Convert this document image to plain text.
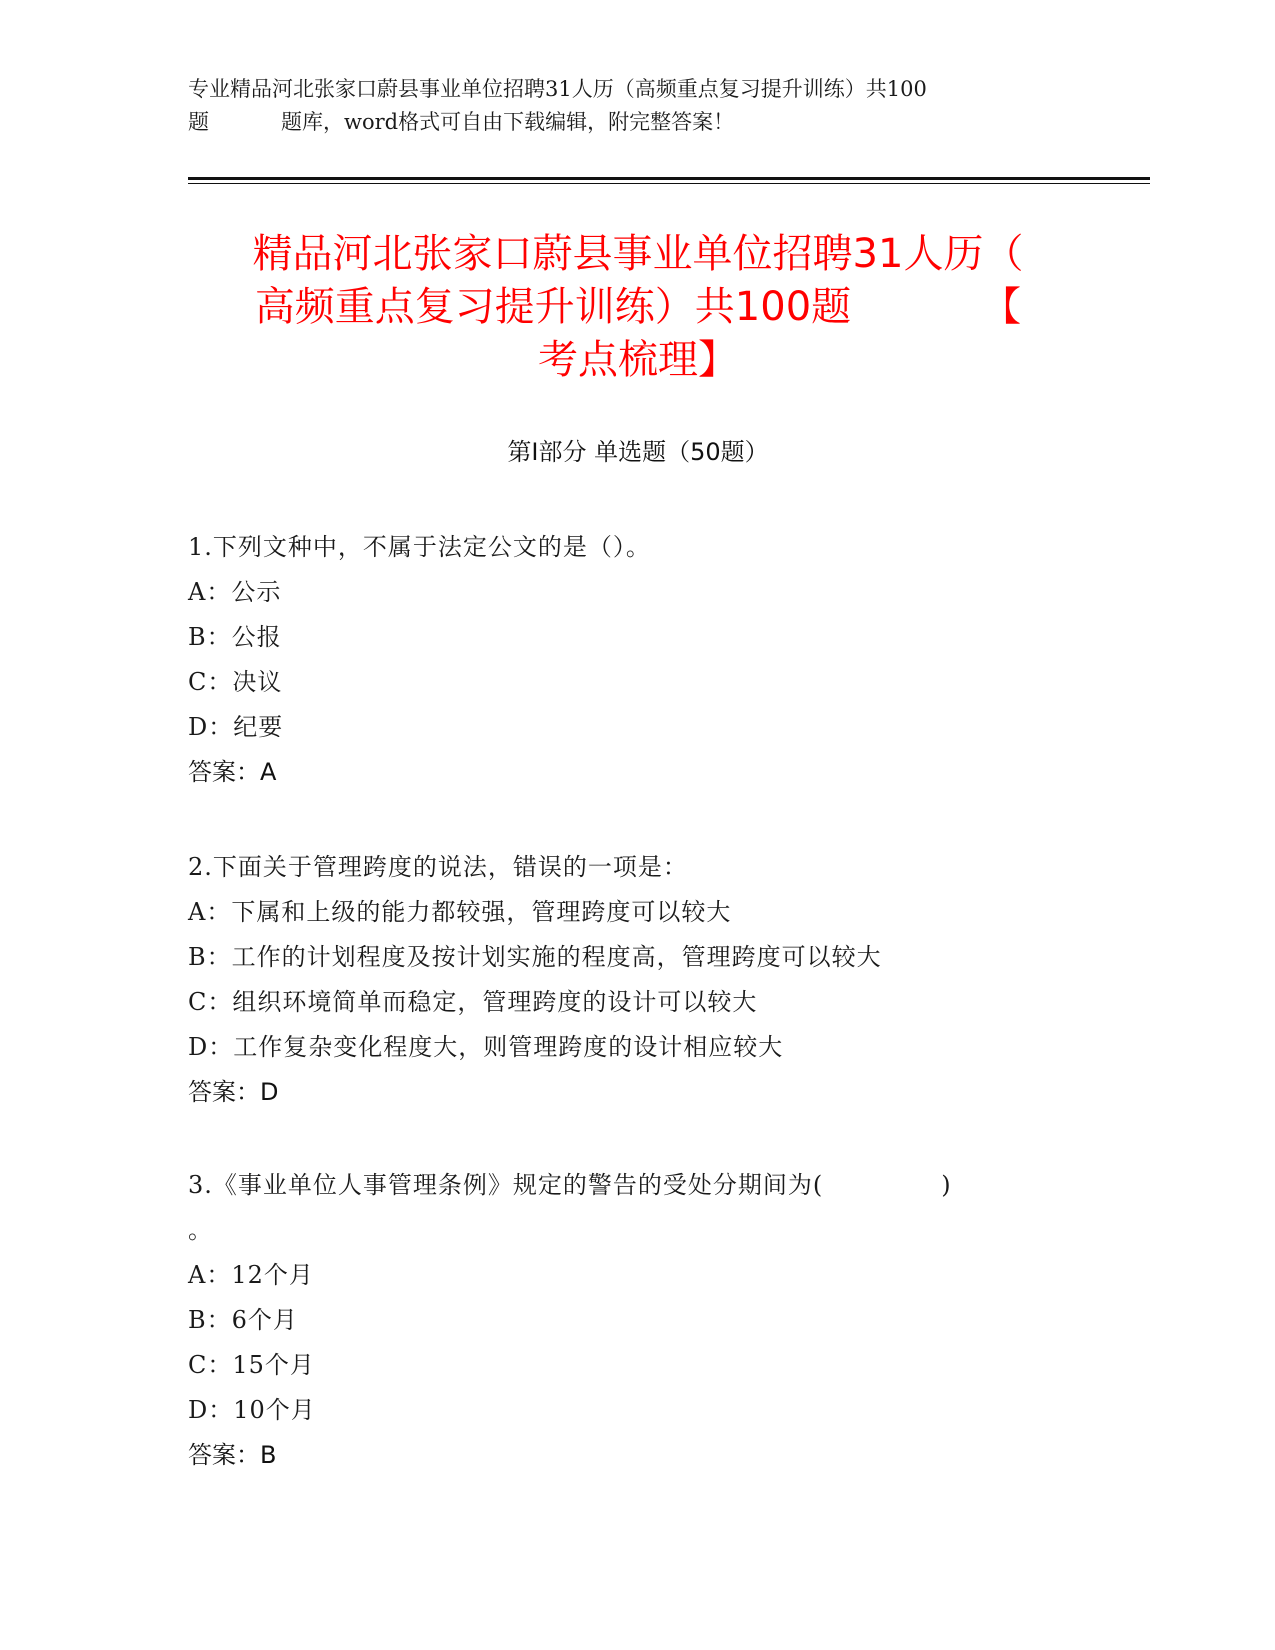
专业精品河北张家口蔚县事业单位招聘31人历（高频重点复习提升训练）共100
题	题库，word格式可自由下载编辑，附完整答案！
精品河北张家口蔚县事业单位招聘31人历（
高频重点复习提升训练）共100题	【
考点梳理】
第I部分 单选题（50题）
1.下列文种中，不属于法定公文的是（）。
A：公示
B：公报
C：决议
D：纪要
答案：A
2.下面关于管理跨度的说法，错误的一项是：
A：下属和上级的能力都较强，管理跨度可以较大
B：工作的计划程度及按计划实施的程度高，管理跨度可以较大
C：组织环境简单而稳定，管理跨度的设计可以较大
D：工作复杂变化程度大，则管理跨度的设计相应较大
答案：D
3.《事业单位人事管理条例》规定的警告的受处分期间为(	)
。
A：12个月
B：6个月
C：15个月
D：10个月
答案：B
